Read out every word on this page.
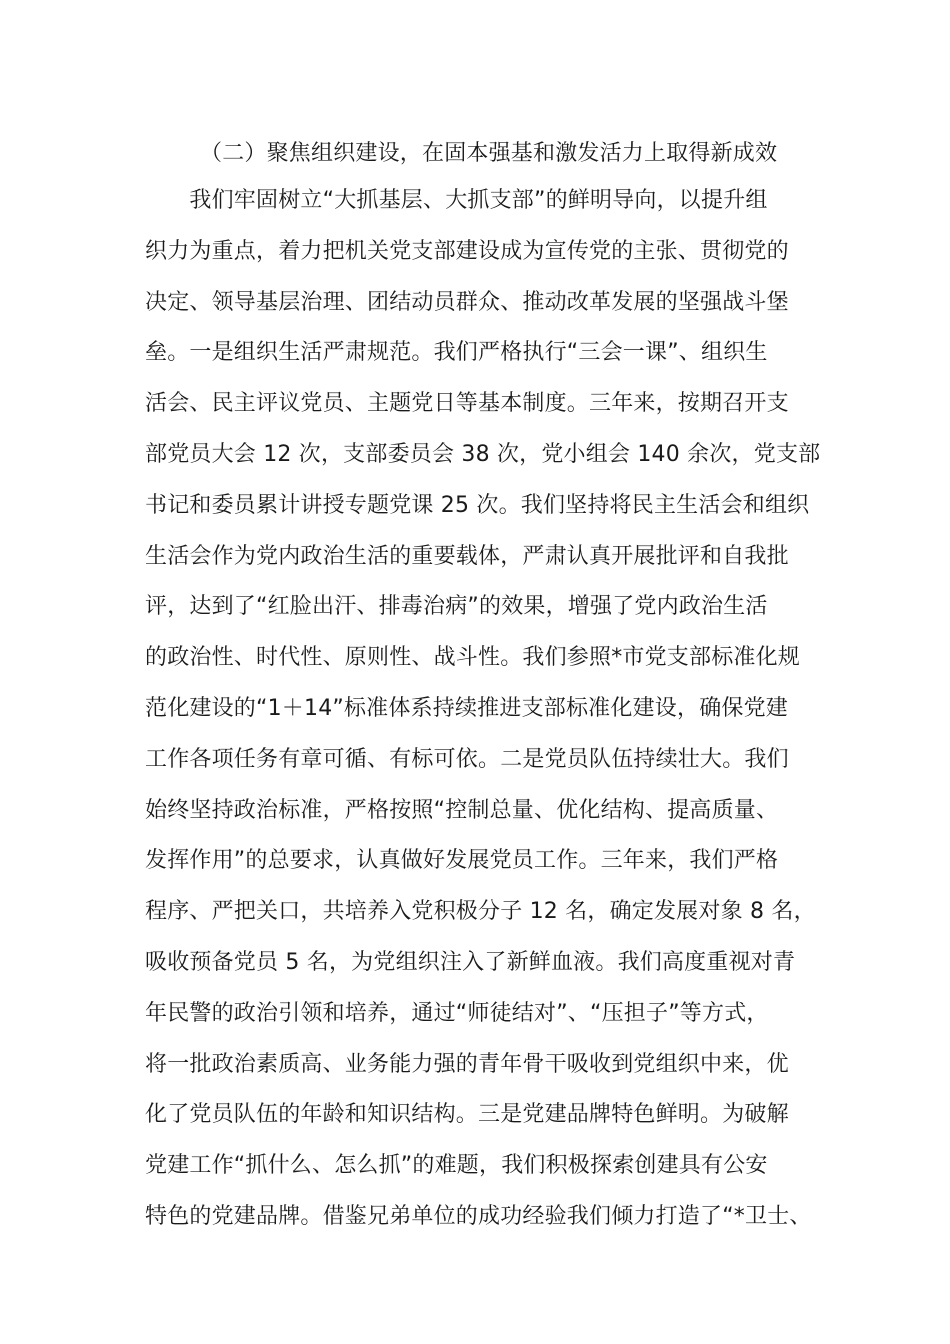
（二）聚焦组织建设，在固本强基和激发活力上取得新成效
　　我们牢固树立“大抓基层、大抓支部”的鲜明导向，以提升组
织力为重点，着力把机关党支部建设成为宣传党的主张、贯彻党的
决定、领导基层治理、团结动员群众、推动改革发展的坚强战斗堡
垒。一是组织生活严肃规范。我们严格执行“三会一课”、组织生
活会、民主评议党员、主题党日等基本制度。三年来，按期召开支
部党员大会 12 次，支部委员会 38 次，党小组会 140 余次，党支部
书记和委员累计讲授专题党课 25 次。我们坚持将民主生活会和组织
生活会作为党内政治生活的重要载体，严肃认真开展批评和自我批
评，达到了“红脸出汗、排毒治病”的效果，增强了党内政治生活
的政治性、时代性、原则性、战斗性。我们参照*市党支部标准化规
范化建设的“1＋14”标准体系持续推进支部标准化建设，确保党建
工作各项任务有章可循、有标可依。二是党员队伍持续壮大。我们
始终坚持政治标准，严格按照“控制总量、优化结构、提高质量、
发挥作用”的总要求，认真做好发展党员工作。三年来，我们严格
程序、严把关口，共培养入党积极分子 12 名，确定发展对象 8 名，
吸收预备党员 5 名，为党组织注入了新鲜血液。我们高度重视对青
年民警的政治引领和培养，通过“师徒结对”、“压担子”等方式，
将一批政治素质高、业务能力强的青年骨干吸收到党组织中来，优
化了党员队伍的年龄和知识结构。三是党建品牌特色鲜明。为破解
党建工作“抓什么、怎么抓”的难题，我们积极探索创建具有公安
特色的党建品牌。借鉴兄弟单位的成功经验我们倾力打造了“*卫士、
